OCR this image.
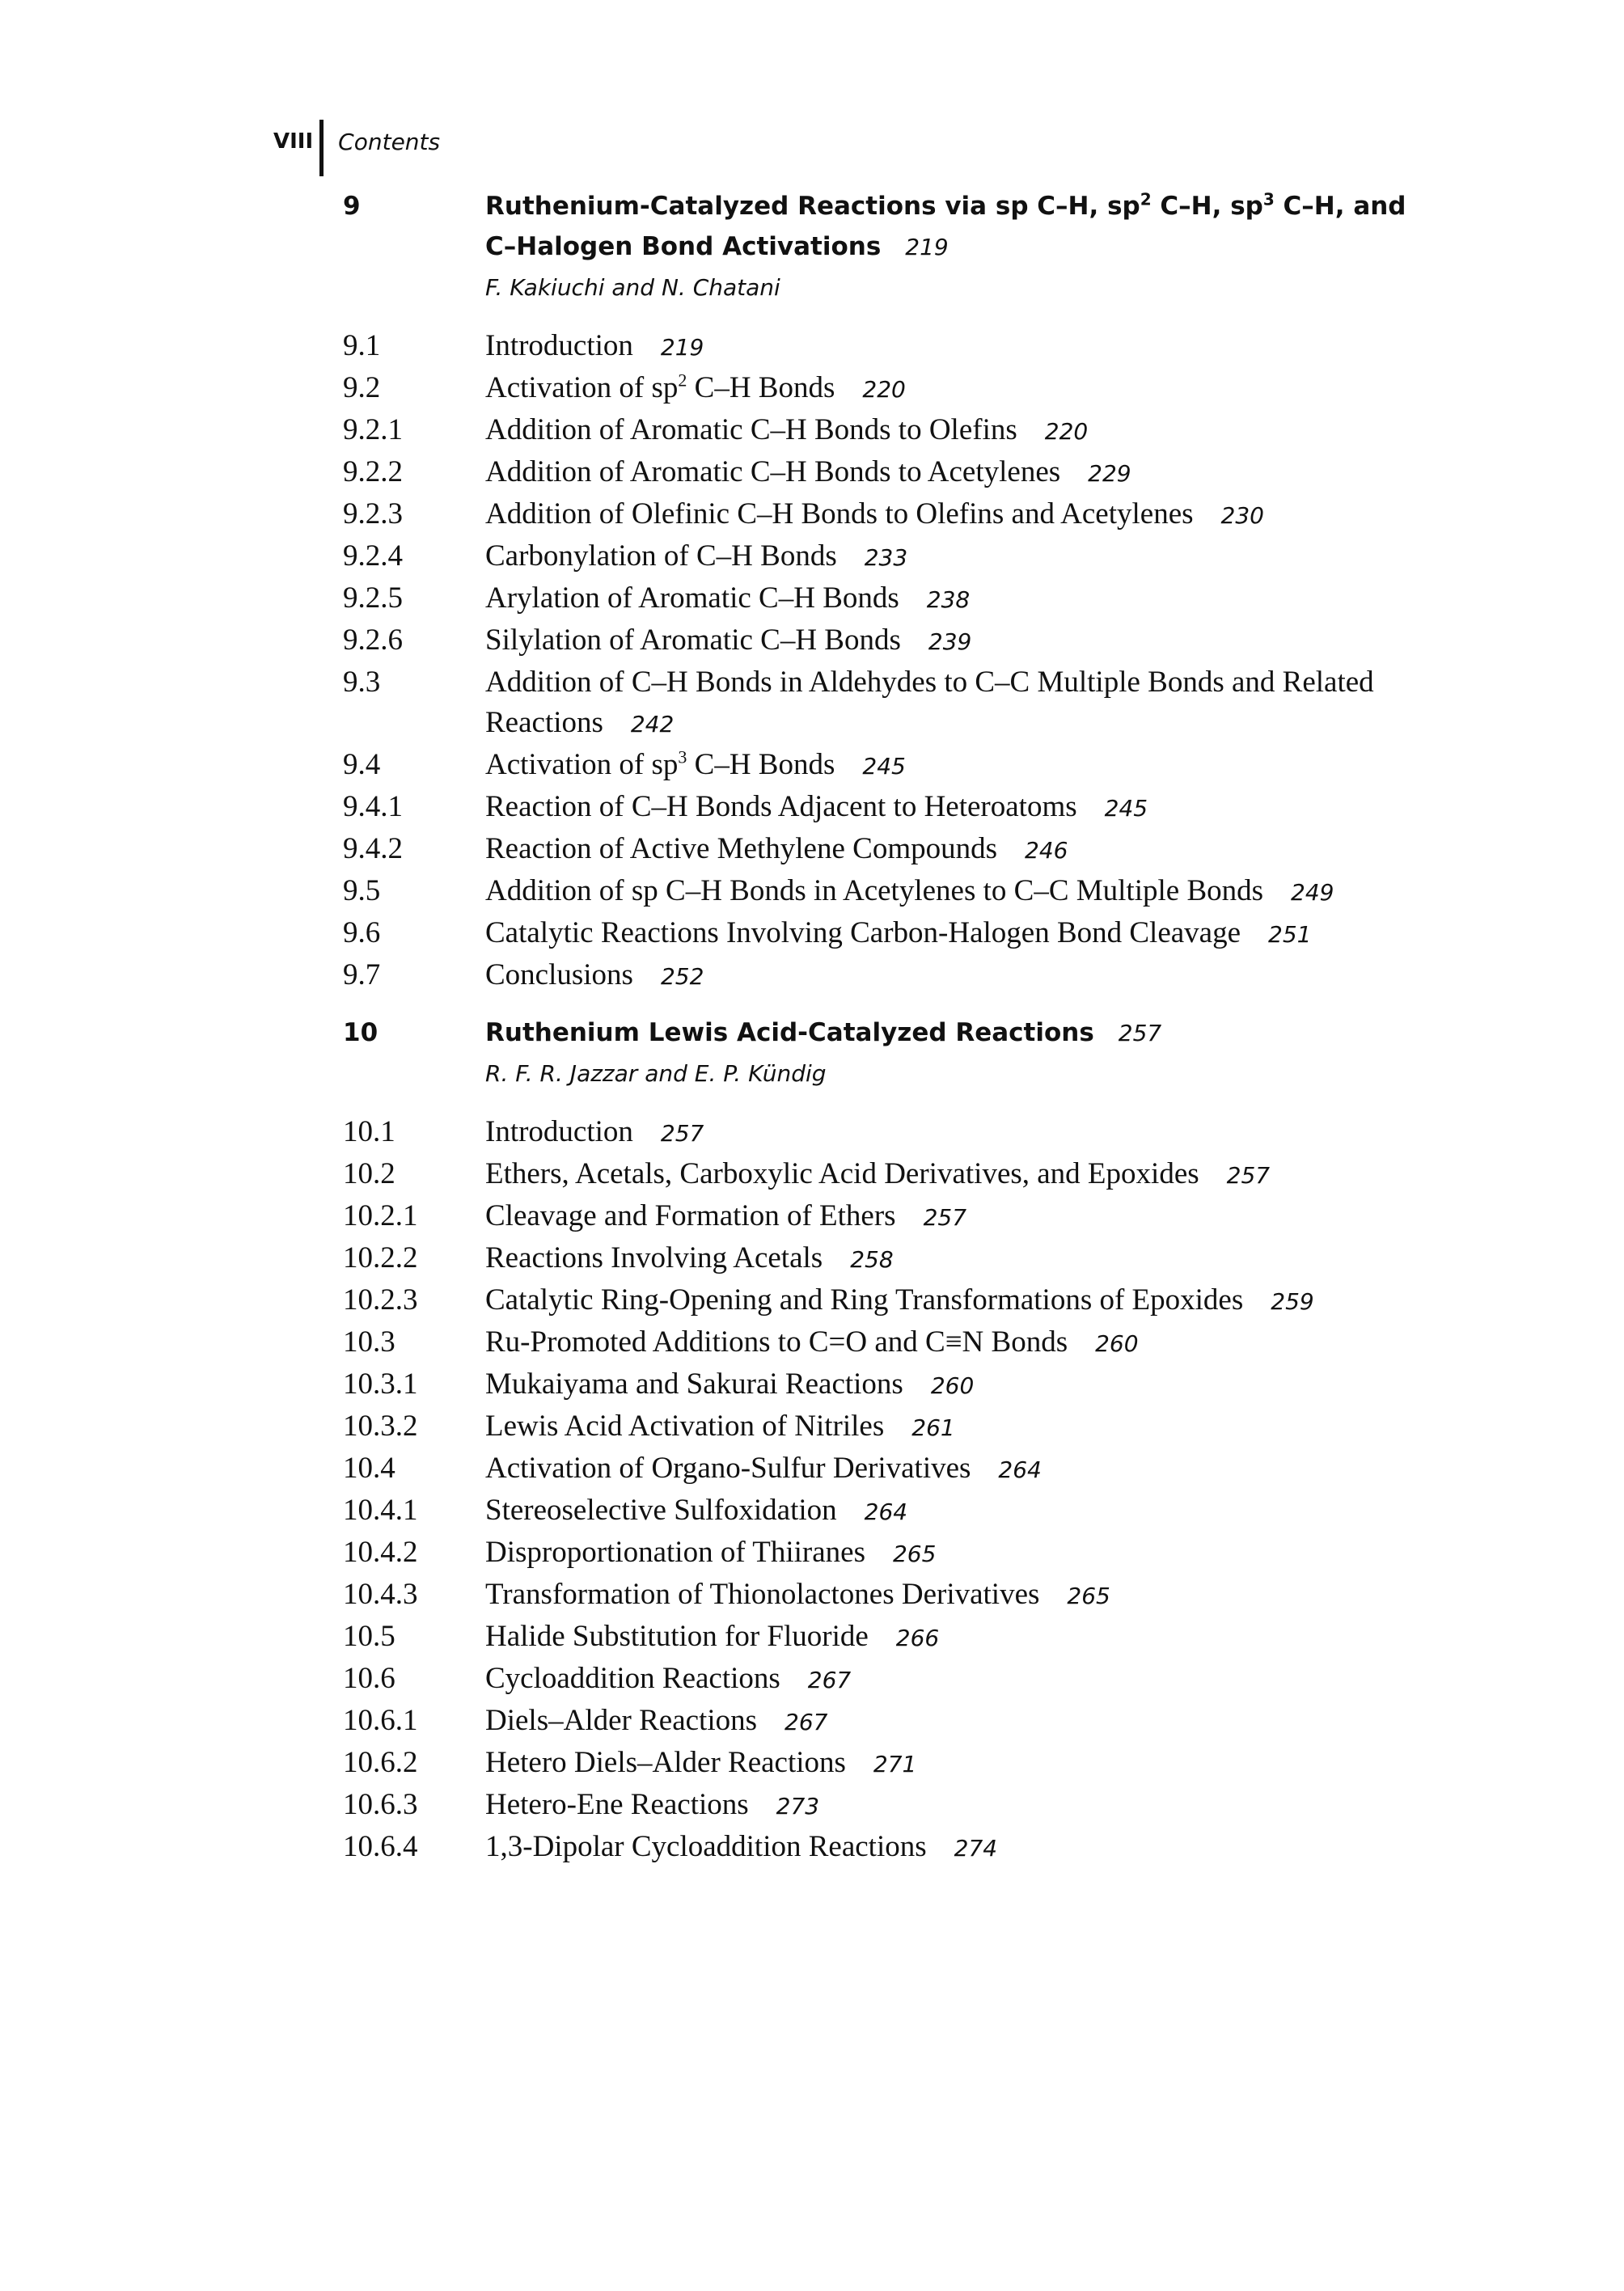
VIII Contents
9	Ruthenium-Catalyzed Reactions via sp C–H, $sp^2$ C–H, $sp^3$ C–H, and
C–Halogen Bond Activations 219
F. Kakiuchi and N. Chatani
9.1	Introduction 219
9.2	Activation of $sp^2$ C–H Bonds 220
9.2.1	Addition of Aromatic C–H Bonds to Olefins 220
9.2.2	Addition of Aromatic C–H Bonds to Acetylenes 229
9.2.3	Addition of Olefinic C–H Bonds to Olefins and Acetylenes 230
9.2.4	Carbonylation of C–H Bonds 233
9.2.5	Arylation of Aromatic C–H Bonds 238
9.2.6	Silylation of Aromatic C–H Bonds 239
9.3	Addition of C–H Bonds in Aldehydes to C–C Multiple Bonds and Related
Reactions 242
9.4	Activation of $sp^3$ C–H Bonds 245
9.4.1	Reaction of C–H Bonds Adjacent to Heteroatoms 245
9.4.2	Reaction of Active Methylene Compounds 246
9.5	Addition of sp C–H Bonds in Acetylenes to C–C Multiple Bonds 249
9.6	Catalytic Reactions Involving Carbon-Halogen Bond Cleavage 251
9.7	Conclusions 252
10	Ruthenium Lewis Acid-Catalyzed Reactions 257
R. F. R. Jazzar and E. P. Kündig
10.1	Introduction 257
10.2	Ethers, Acetals, Carboxylic Acid Derivatives, and Epoxides 257
10.2.1	Cleavage and Formation of Ethers 257
10.2.2	Reactions Involving Acetals 258
10.2.3	Catalytic Ring-Opening and Ring Transformations of Epoxides 259
10.3	Ru-Promoted Additions to C=O and C≡N Bonds 260
10.3.1	Mukaiyama and Sakurai Reactions 260
10.3.2	Lewis Acid Activation of Nitriles 261
10.4	Activation of Organo-Sulfur Derivatives 264
10.4.1	Stereoselective Sulfoxidation 264
10.4.2	Disproportionation of Thiiranes 265
10.4.3	Transformation of Thionolactones Derivatives 265
10.5	Halide Substitution for Fluoride 266
10.6	Cycloaddition Reactions 267
10.6.1	Diels–Alder Reactions 267
10.6.2	Hetero Diels–Alder Reactions 271
10.6.3	Hetero-Ene Reactions 273
10.6.4	1,3-Dipolar Cycloaddition Reactions 274
